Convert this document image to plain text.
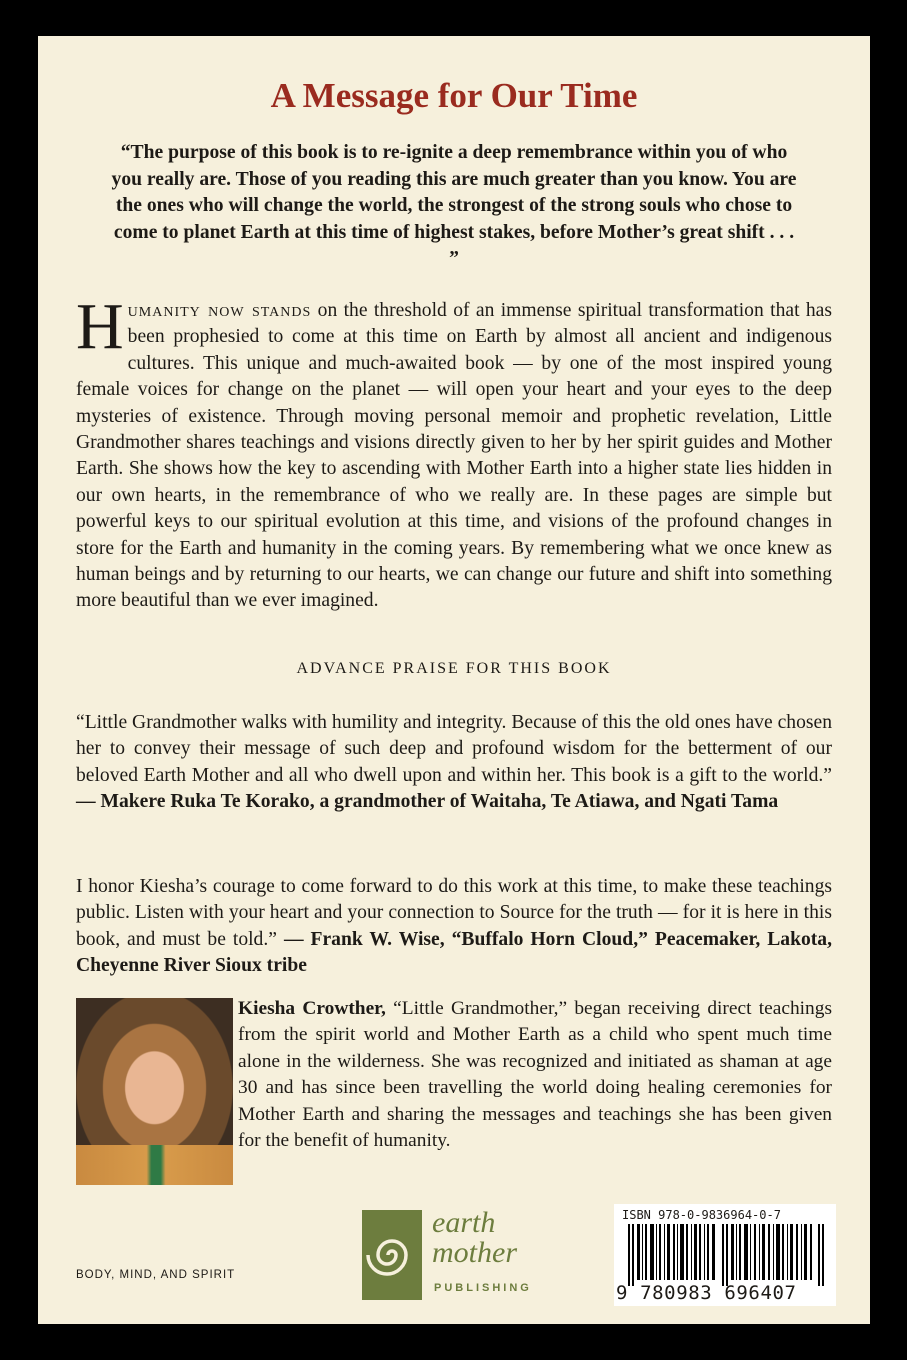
A Message for Our Time
“The purpose of this book is to re-ignite a deep remembrance within you of who you really are. Those of you reading this are much greater than you know. You are the ones who will change the world, the strongest of the strong souls who chose to come to planet Earth at this time of highest stakes, before Mother’s great shift . . . ”
Humanity now stands on the threshold of an immense spiritual transformation that has been prophesied to come at this time on Earth by almost all ancient and indigenous cultures. This unique and much-awaited book — by one of the most inspired young female voices for change on the planet — will open your heart and your eyes to the deep mysteries of existence. Through moving personal memoir and prophetic revelation, Little Grandmother shares teachings and visions directly given to her by her spirit guides and Mother Earth. She shows how the key to ascending with Mother Earth into a higher state lies hidden in our own hearts, in the remembrance of who we really are. In these pages are simple but powerful keys to our spiritual evolution at this time, and visions of the profound changes in store for the Earth and humanity in the coming years. By remembering what we once knew as human beings and by returning to our hearts, we can change our future and shift into something more beautiful than we ever imagined.
ADVANCE PRAISE FOR THIS BOOK
“Little Grandmother walks with humility and integrity. Because of this the old ones have chosen her to convey their message of such deep and profound wisdom for the betterment of our beloved Earth Mother and all who dwell upon and within her. This book is a gift to the world.” — Makere Ruka Te Korako, a grandmother of Waitaha, Te Atiawa, and Ngati Tama
I honor Kiesha’s courage to come forward to do this work at this time, to make these teachings public. Listen with your heart and your connection to Source for the truth — for it is here in this book, and must be told.” — Frank W. Wise, “Buffalo Horn Cloud,” Peacemaker, Lakota, Cheyenne River Sioux tribe
Kiesha Crowther, “Little Grandmother,” began receiving direct teachings from the spirit world and Mother Earth as a child who spent much time alone in the wilderness. She was recognized and initiated as shaman at age 30 and has since been travelling the world doing healing ceremonies for Mother Earth and sharing the messages and teachings she has been given for the benefit of humanity.
BODY, MIND, AND SPIRIT
earth
mother
PUBLISHING
ISBN 978-0-9836964-0-7
9 780983 696407
